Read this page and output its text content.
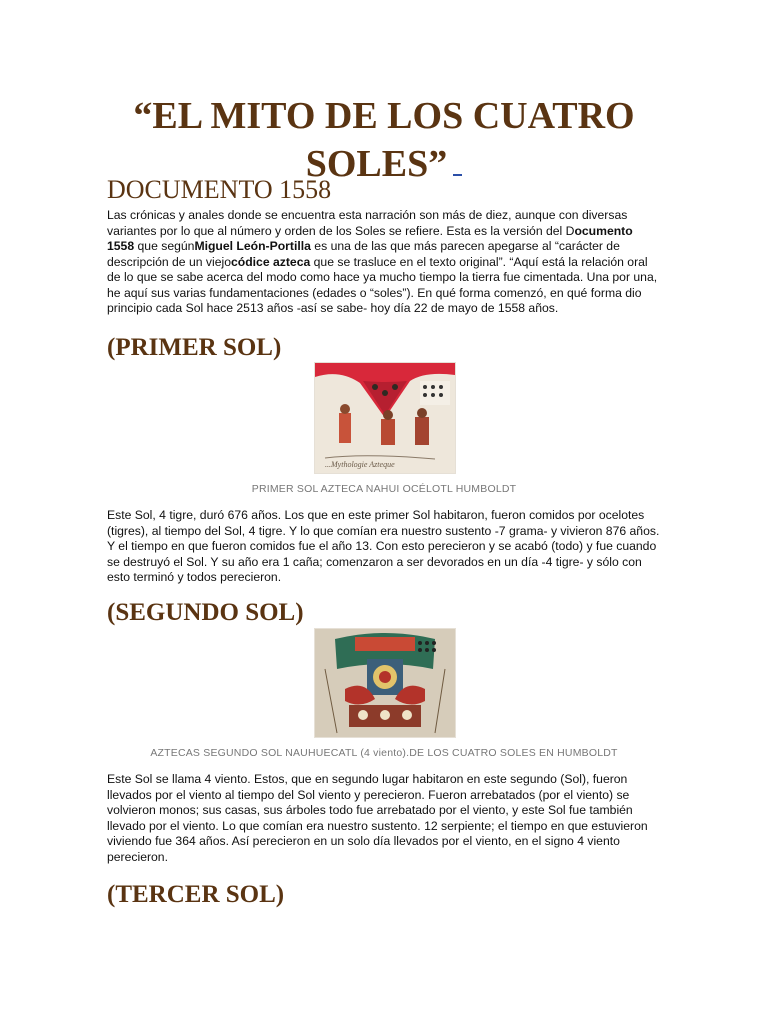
“EL MITO DE LOS CUATRO
SOLES”
DOCUMENTO 1558

Las crónicas y anales donde se encuentra esta narración son más de diez, aunque con diversas variantes por lo que al número y orden de los Soles se refiere. Esta es la versión del Documento 1558 que segúnMiguel León-Portilla es una de las que más parecen apegarse al “carácter de descripción de un viejocódice azteca que se trasluce en el texto original”. “Aquí está la relación oral de lo que se sabe acerca del modo como hace ya mucho tiempo la tierra fue cimentada. Una por una, he aquí sus varias fundamentaciones (edades o “soles”). En qué forma comenzó, en qué forma dio principio cada Sol hace 2513 años -así se sabe- hoy día 22 de mayo de 1558 años.

(PRIMER SOL)
...Mythologie Azteque

PRIMER SOL AZTECA NAHUI OCÉLOTL HUMBOLDT

Este Sol, 4 tigre, duró 676 años. Los que en este primer Sol habitaron, fueron comidos por ocelotes (tigres), al tiempo del Sol, 4 tigre. Y lo que comían era nuestro sustento -7 grama- y vivieron 876 años. Y el tiempo en que fueron comidos fue el año 13. Con esto perecieron y se acabó (todo) y fue cuando se destruyó el Sol. Y su año era 1 caña; comenzaron a ser devorados en un día -4 tigre- y sólo con esto terminó y todos perecieron.

(SEGUNDO SOL)

AZTECAS SEGUNDO SOL NAUHUECATL (4 viento).DE LOS CUATRO SOLES EN HUMBOLDT

Este Sol se llama 4 viento. Estos, que en segundo lugar habitaron en este segundo (Sol), fueron llevados por el viento al tiempo del Sol viento y perecieron. Fueron arrebatados (por el viento) se volvieron monos; sus casas, sus árboles todo fue arrebatado por el viento, y este Sol fue también llevado por el viento. Lo que comían era nuestro sustento. 12 serpiente; el tiempo en que estuvieron viviendo fue 364 años. Así perecieron en un solo día llevados por el viento, en el signo 4 viento perecieron.

(TERCER SOL)
